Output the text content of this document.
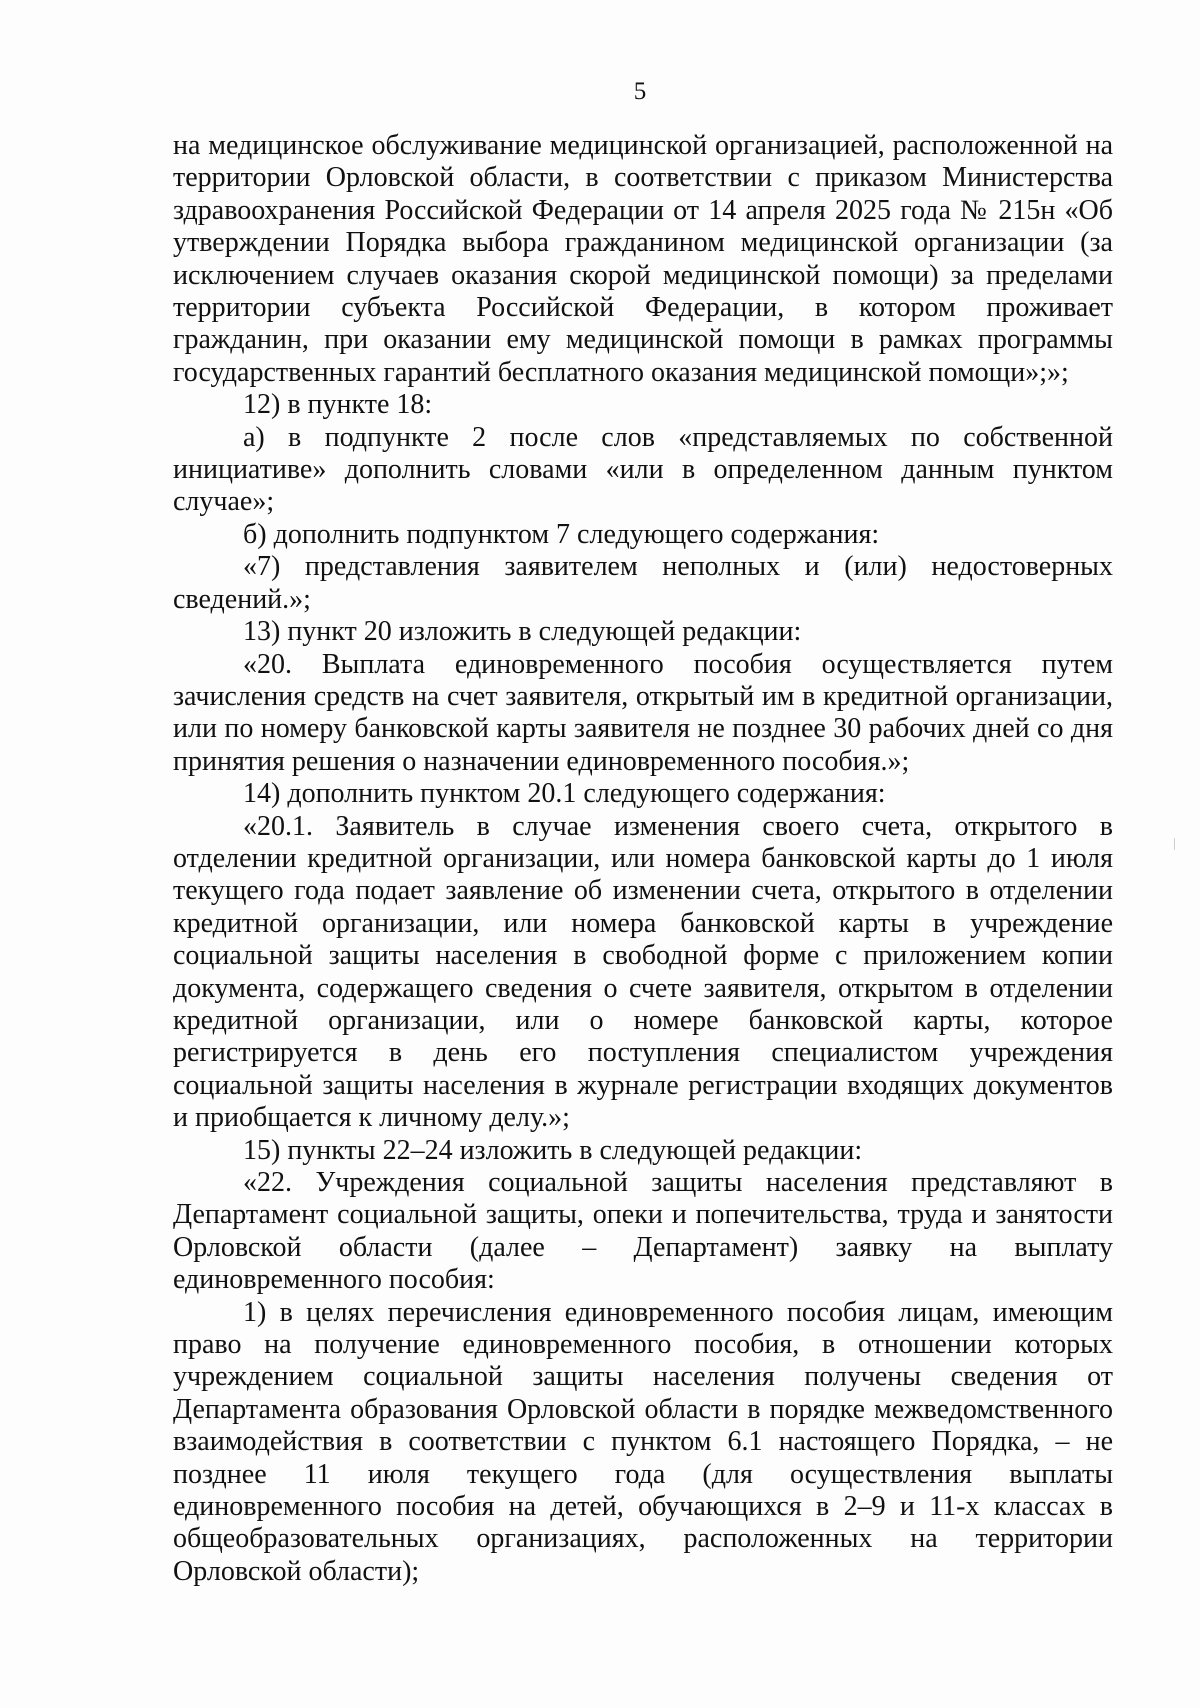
5

на медицинское обслуживание медицинской организацией, расположенной на территории Орловской области, в соответствии с приказом Министерства здравоохранения Российской Федерации от 14 апреля 2025 года № 215н «Об утверждении Порядка выбора гражданином медицинской организации (за исключением случаев оказания скорой медицинской помощи) за пределами территории субъекта Российской Федерации, в котором проживает гражданин, при оказании ему медицинской помощи в рамках программы государственных гарантий бесплатного оказания медицинской помощи»;»;

12) в пункте 18:

а) в подпункте 2 после слов «представляемых по собственной инициативе» дополнить словами «или в определенном данным пунктом случае»;

б) дополнить подпунктом 7 следующего содержания:

«7) представления заявителем неполных и (или) недостоверных сведений.»;

13) пункт 20 изложить в следующей редакции:

«20. Выплата единовременного пособия осуществляется путем зачисления средств на счет заявителя, открытый им в кредитной организации, или по номеру банковской карты заявителя не позднее 30 рабочих дней со дня принятия решения о назначении единовременного пособия.»;

14) дополнить пунктом 20.1 следующего содержания:

«20.1. Заявитель в случае изменения своего счета, открытого в отделении кредитной организации, или номера банковской карты до 1 июля текущего года подает заявление об изменении счета, открытого в отделении кредитной организации, или номера банковской карты в учреждение социальной защиты населения в свободной форме с приложением копии документа, содержащего сведения о счете заявителя, открытом в отделении кредитной организации, или о номере банковской карты, которое регистрируется в день его поступления специалистом учреждения социальной защиты населения в журнале регистрации входящих документов и приобщается к личному делу.»;

15) пункты 22–24 изложить в следующей редакции:

«22. Учреждения социальной защиты населения представляют в Департамент социальной защиты, опеки и попечительства, труда и занятости Орловской области (далее – Департамент) заявку на выплату единовременного пособия:

1) в целях перечисления единовременного пособия лицам, имеющим право на получение единовременного пособия, в отношении которых учреждением социальной защиты населения получены сведения от Департамента образования Орловской области в порядке межведомственного взаимодействия в соответствии с пунктом 6.1 настоящего Порядка, – не позднее 11 июля текущего года (для осуществления выплаты единовременного пособия на детей, обучающихся в 2–9 и 11-х классах в общеобразовательных организациях, расположенных на территории Орловской области);
